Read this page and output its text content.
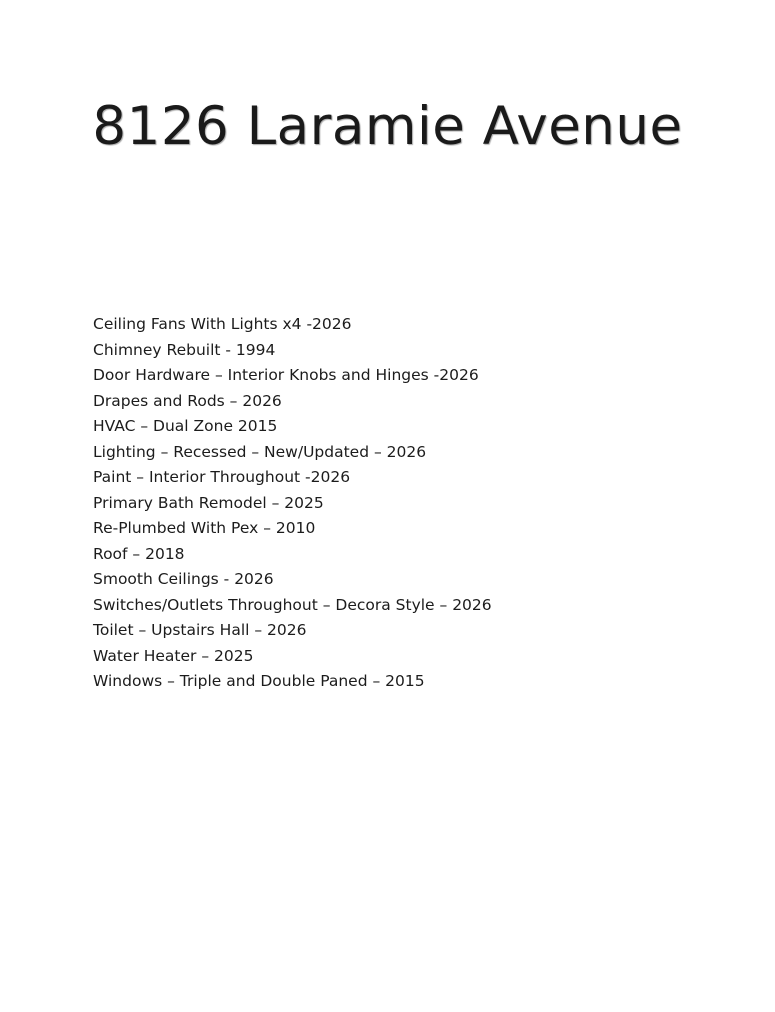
8126 Laramie Avenue
Ceiling Fans With Lights x4 -2026
Chimney Rebuilt - 1994
Door Hardware – Interior Knobs and Hinges -2026
Drapes and Rods – 2026
HVAC – Dual Zone 2015
Lighting – Recessed – New/Updated – 2026
Paint – Interior Throughout -2026
Primary Bath Remodel – 2025
Re-Plumbed With Pex – 2010
Roof – 2018
Smooth Ceilings - 2026
Switches/Outlets Throughout – Decora Style – 2026
Toilet – Upstairs Hall – 2026
Water Heater – 2025
Windows – Triple and Double Paned – 2015
